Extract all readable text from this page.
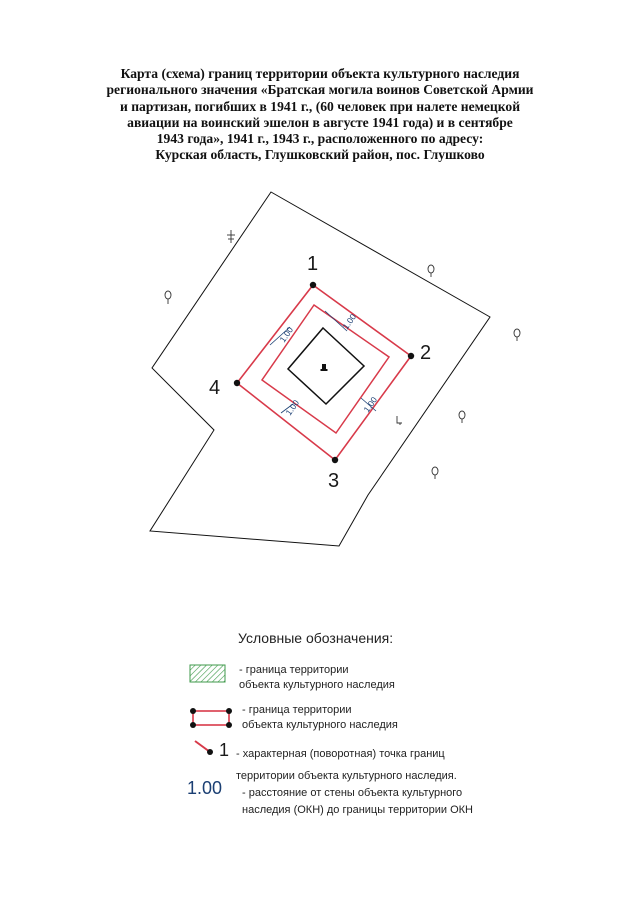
Карта (схема) границ территории объекта культурного наследия
регионального значения «Братская могила воинов Советской Армии
и партизан, погибших в 1941 г., (60 человек при налете немецкой
авиации на воинский эшелон в августе 1941 года) и в сентябре
1943 года», 1941 г., 1943 г., расположенного по адресу:
Курская область, Глушковский район, пос. Глушково
1.00
1.00
1.00	1.00
1
2
3
4
1
Условные обозначения:
- граница территории
объекта культурного наследия
- граница территории
объекта культурного наследия
- характерная (поворотная) точка границ
территории объекта культурного наследия.
1.00 - расстояние от стены объекта культурного
наследия (ОКН) до границы территории ОКН
